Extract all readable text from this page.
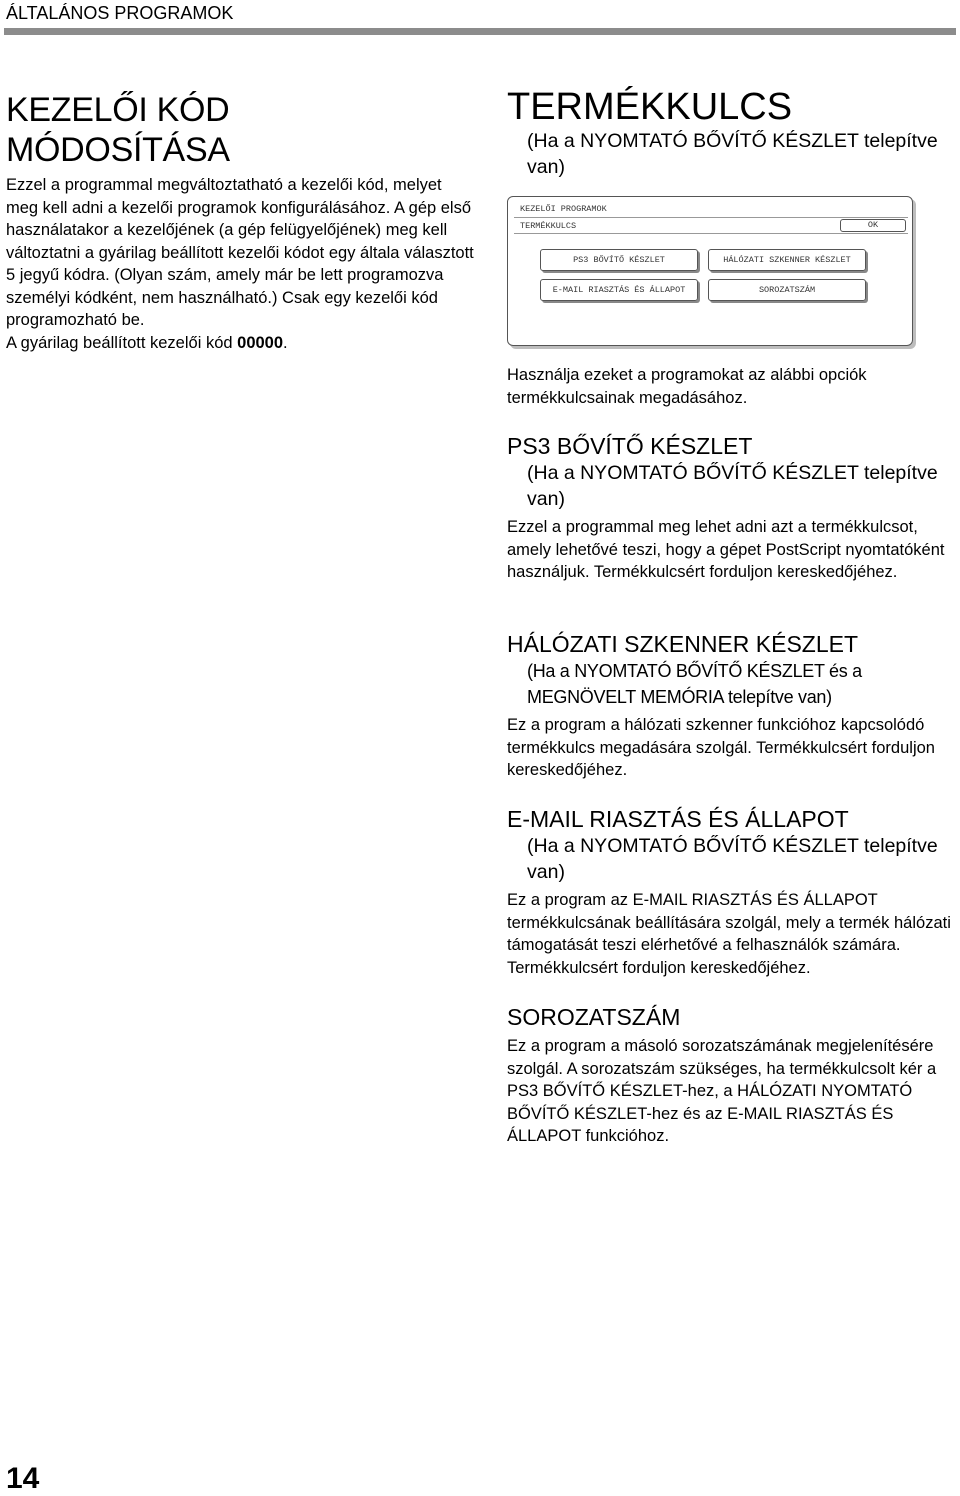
ÁLTALÁNOS PROGRAMOK
KEZELŐI KÓD
MÓDOSÍTÁSA

Ezzel a programmal megváltoztatható a kezelői kód, melyet meg kell adni a kezelői programok konfigurálásához. A gép első használatakor a kezelőjének (a gép felügyelőjének) meg kell változtatni a gyárilag beállított kezelői kódot egy általa választott 5 jegyű kódra. (Olyan szám, amely már be lett programozva személyi kódként, nem használható.) Csak egy kezelői kód programozható be.

A gyárilag beállított kezelői kód 00000.

TERMÉKKULCS

(Ha a NYOMTATÓ BŐVÍTŐ KÉSZLET telepítve van)

KEZELŐI PROGRAMOK
TERMÉKKULCS	OK
PS3 BŐVÍTŐ KÉSZLET	HÁLÓZATI SZKENNER KÉSZLET
E-MAIL RIASZTÁS ÉS ÁLLAPOT	SOROZATSZÁM

Használja ezeket a programokat az alábbi opciók termékkulcsainak megadásához.

PS3 BŐVÍTŐ KÉSZLET

(Ha a NYOMTATÓ BŐVÍTŐ KÉSZLET telepítve van)

Ezzel a programmal meg lehet adni azt a termékkulcsot, amely lehetővé teszi, hogy a gépet PostScript nyomtatóként használjuk. Termékkulcsért forduljon kereskedőjéhez.

HÁLÓZATI SZKENNER KÉSZLET

(Ha a NYOMTATÓ BŐVÍTŐ KÉSZLET és a MEGNÖVELT MEMÓRIA telepítve van)

Ez a program a hálózati szkenner funkcióhoz kapcsolódó termékkulcs megadására szolgál. Termékkulcsért forduljon kereskedőjéhez.

E-MAIL RIASZTÁS ÉS ÁLLAPOT

(Ha a NYOMTATÓ BŐVÍTŐ KÉSZLET telepítve van)

Ez a program az E-MAIL RIASZTÁS ÉS ÁLLAPOT termékkulcsának beállítására szolgál, mely a termék hálózati támogatását teszi elérhetővé a felhasználók számára. Termékkulcsért forduljon kereskedőjéhez.

SOROZATSZÁM

Ez a program a másoló sorozatszámának megjelenítésére szolgál. A sorozatszám szükséges, ha termékkulcsolt kér a PS3 BŐVÍTŐ KÉSZLET-hez, a HÁLÓZATI NYOMTATÓ BŐVÍTŐ KÉSZLET-hez és az E-MAIL RIASZTÁS ÉS ÁLLAPOT funkcióhoz.

14
